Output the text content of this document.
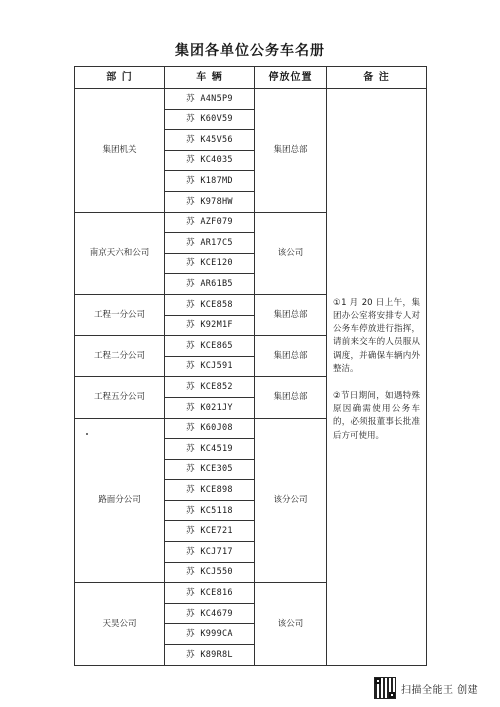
集团各单位公务车名册
部 门	车 辆	停放位置	备 注
集团机关	苏 A4N5P9	集团总部	①1 月 20 日上午，集团办公室将安排专人对公务车停放进行指挥，请前来交车的人员服从调度，并确保车辆内外整洁。

②节日期间，如遇特殊原因确需使用公务车的，必须报董事长批准后方可使用。

	苏 K60V59		
	苏 K45V56		
	苏 KC4035		
	苏 K187MD		
	苏 K978HW		
南京天六和公司	苏 AZF079	该公司	
	苏 AR17C5		
	苏 KCE120		
	苏 AR61B5		
工程一分公司	苏 KCE858	集团总部	
	苏 K92M1F		
工程二分公司	苏 KCE865	集团总部	
	苏 KCJ591		
工程五分公司	苏 KCE852	集团总部	
	苏 K021JY		
路面分公司	苏 K60J08	该分公司	
	苏 KC4519		
	苏 KCE305		
	苏 KCE898		
	苏 KC5118		
	苏 KCE721		
	苏 KCJ717		
	苏 KCJ550		
天昊公司	苏 KCE816	该公司	
	苏 KC4679		
	苏 K999CA		
	苏 K89R8L		
扫描全能王 创建
